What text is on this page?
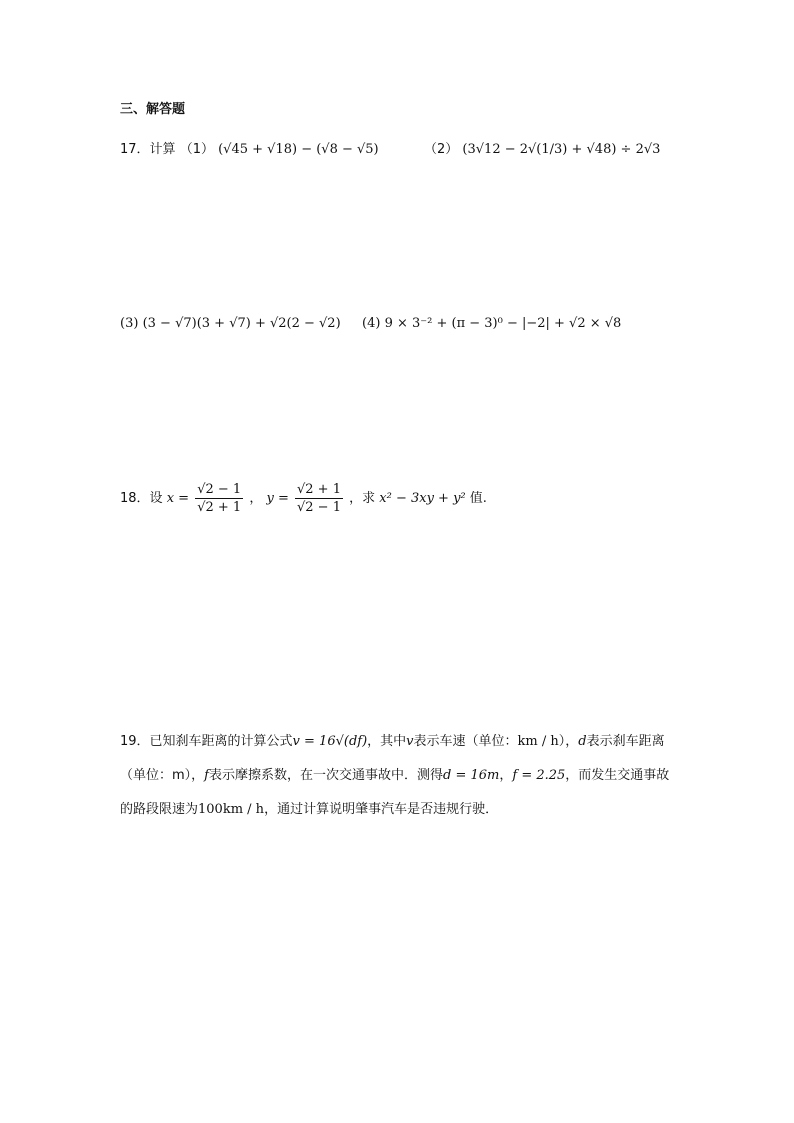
三、解答题
17．计算 （1） (√45 + √18) − (√8 − √5)	（2） (3√12 − 2√(1/3) + √48) ÷ 2√3
(3) (3 − √7)(3 + √7) + √2(2 − √2) (4) 9 × 3⁻² + (π − 3)⁰ − |−2| + √2 × √8
18．设 $x = \frac{√2 - 1}{√2 + 1}$ ， $y = \frac{√2 + 1}{√2 - 1}$ ，求 x² − 3xy + y² 值.
19．已知刹车距离的计算公式v = 16√(df)，其中v表示车速（单位：km / h），d表示刹车距离（单位：m），f表示摩擦系数，在一次交通事故中．测得d = 16m，f = 2.25，而发生交通事故的路段限速为100km / h，通过计算说明肇事汽车是否违规行驶．
